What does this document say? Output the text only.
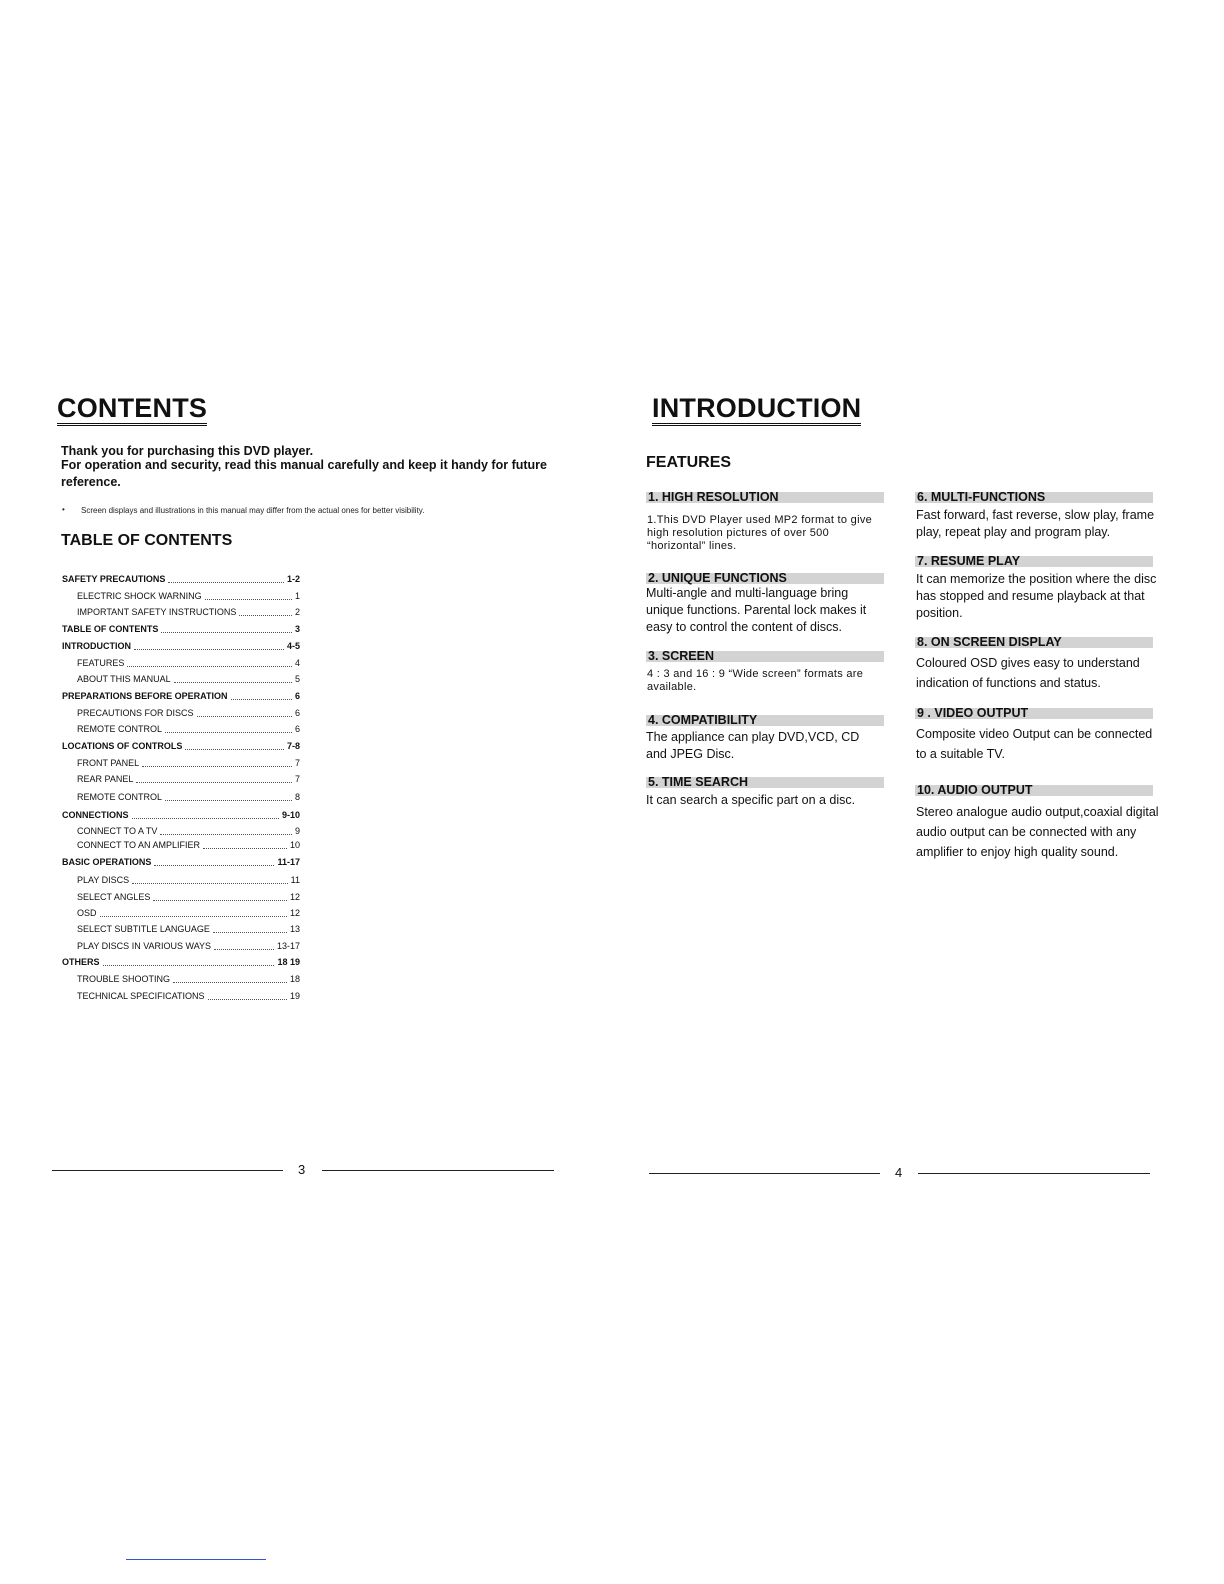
CONTENTS
Thank you for purchasing this DVD player.
For operation and security, read this manual carefully and keep it handy for future
reference.
• Screen displays and illustrations in this manual may differ from the actual ones for better visibility.
TABLE OF CONTENTS
SAFETY PRECAUTIONS	1-2
ELECTRIC SHOCK WARNING	1
IMPORTANT SAFETY INSTRUCTIONS	2
TABLE OF CONTENTS	3
INTRODUCTION	4-5
FEATURES	4
ABOUT THIS MANUAL	5
PREPARATIONS BEFORE OPERATION	6
PRECAUTIONS FOR DISCS	6
REMOTE CONTROL	6
LOCATIONS OF CONTROLS	7-8
FRONT PANEL	7
REAR PANEL	7
REMOTE CONTROL	8
CONNECTIONS	9-10
CONNECT TO A TV	9
CONNECT TO AN AMPLIFIER	10
BASIC OPERATIONS	11-17
PLAY DISCS	11
SELECT ANGLES	12
OSD	12
SELECT SUBTITLE LANGUAGE	13
PLAY DISCS IN VARIOUS WAYS	13-17
OTHERS	18 19
TROUBLE SHOOTING	18
TECHNICAL SPECIFICATIONS	19
3
INTRODUCTION
FEATURES
1. HIGH RESOLUTION
1.This DVD Player used MP2 format to give high resolution pictures of over 500 “horizontal” lines.
2. UNIQUE FUNCTIONS
Multi-angle and multi-language bring unique functions. Parental lock makes it easy to control the content of discs.
3. SCREEN
4 : 3 and 16 : 9 “Wide screen” formats are available.
4. COMPATIBILITY
The appliance can play DVD,VCD, CD and JPEG Disc.
5. TIME SEARCH
It can search a specific part on a disc.
6. MULTI-FUNCTIONS
Fast forward, fast reverse, slow play, frame play, repeat play and program play.
7. RESUME PLAY
It can memorize the position where the disc has stopped and resume playback at that position.
8. ON SCREEN DISPLAY
Coloured OSD gives easy to understand indication of functions and status.
9 . VIDEO OUTPUT
Composite video Output can be connected to a suitable TV.
10. AUDIO OUTPUT
Stereo analogue audio output,coaxial digital audio output can be connected with any amplifier to enjoy high quality sound.
4
